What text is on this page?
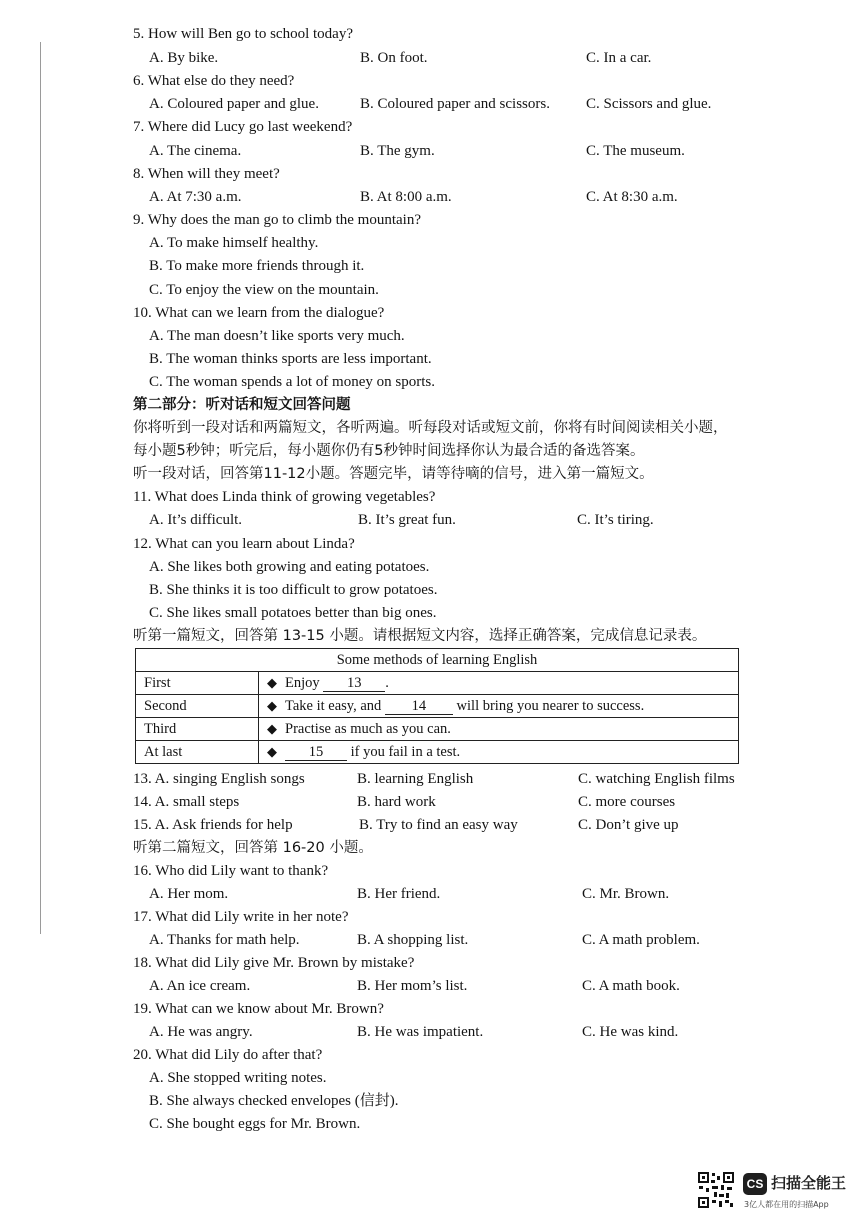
5. How will Ben go to school today?
A. By bike.	B. On foot.	C. In a car.
6. What else do they need?
A. Coloured paper and glue.	B. Coloured paper and scissors. C. Scissors and glue.
7. Where did Lucy go last weekend?
A. The cinema.	B. The gym.	C. The museum.
8. When will they meet?
A. At 7:30 a.m.	B. At 8:00 a.m.	C. At 8:30 a.m.
9. Why does the man go to climb the mountain?
A. To make himself healthy.
B. To make more friends through it.
C. To enjoy the view on the mountain.
10. What can we learn from the dialogue?
A. The man doesn’t like sports very much.
B. The woman thinks sports are less important.
C. The woman spends a lot of money on sports.
第二部分：听对话和短文回答问题
你将听到一段对话和两篇短文，各听两遍。听每段对话或短文前，你将有时间阅读相关小题，
每小题5秒钟；听完后，每小题你仍有5秒钟时间选择你认为最合适的备选答案。
听一段对话，回答第11-12小题。答题完毕，请等待嘀的信号，进入第一篇短文。
11. What does Linda think of growing vegetables?
A. It’s difficult.	B. It’s great fun.	C. It’s tiring.
12. What can you learn about Linda?
A. She likes both growing and eating potatoes.
B. She thinks it is too difficult to grow potatoes.
C. She likes small potatoes better than big ones.
听第一篇短文，回答第 13-15 小题。请根据短文内容，选择正确答案，完成信息记录表。
Some methods of learning English	
First	◆ Enjoy 13 .
Second	◆ Take it easy, and 14 will bring you nearer to success.
Third	◆ Practise as much as you can.
At last	◆ 15 if you fail in a test.
13. A. singing English songs	B. learning English	C. watching English films
14. A. small steps	B. hard work	C. more courses
15. A. Ask friends for help	B. Try to find an easy way	C. Don’t give up
听第二篇短文，回答第 16-20 小题。
16. Who did Lily want to thank?
A. Her mom.	B. Her friend.	C. Mr. Brown.
17. What did Lily write in her note?
A. Thanks for math help.	B. A shopping list.	C. A math problem.
18. What did Lily give Mr. Brown by mistake?
A. An ice cream.	B. Her mom’s list.	C. A math book.
19. What can we know about Mr. Brown?
A. He was angry.	B. He was impatient.	C. He was kind.
20. What did Lily do after that?
A. She stopped writing notes.
B. She always checked envelopes (信封).
C. She bought eggs for Mr. Brown.
CS 扫描全能王
3亿人都在用的扫描App
